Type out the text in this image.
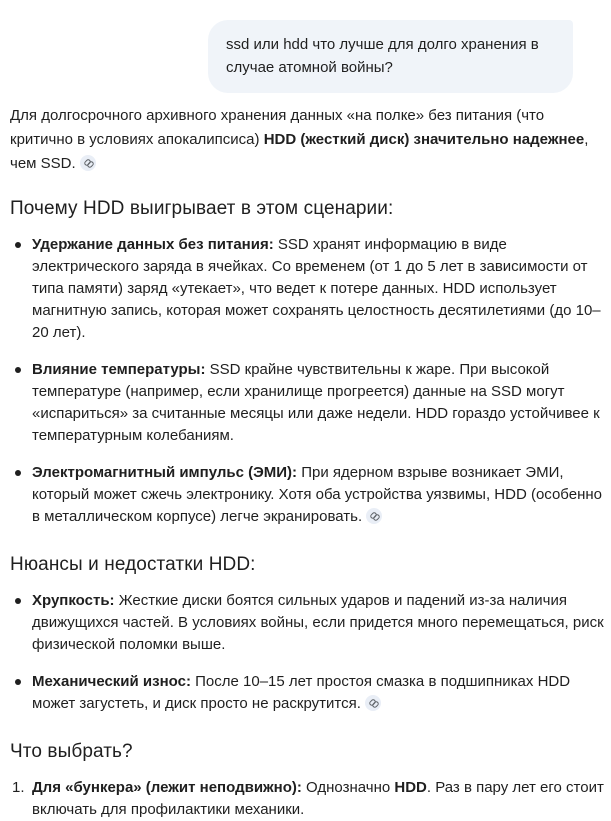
ssd или hdd что лучше для долго хранения в случае атомной войны?

Для долгосрочного архивного хранения данных «на полке» без питания (что критично в условиях апокалипсиса) HDD (жесткий диск) значительно надежнее, чем SSD.

Почему HDD выигрывает в этом сценарии:
Удержание данных без питания: SSD хранят информацию в виде электрического заряда в ячейках. Со временем (от 1 до 5 лет в зависимости от типа памяти) заряд «утекает», что ведет к потере данных. HDD использует магнитную запись, которая может сохранять целостность десятилетиями (до 10–20 лет).
Влияние температуры: SSD крайне чувствительны к жаре. При высокой температуре (например, если хранилище прогреется) данные на SSD могут «испариться» за считанные месяцы или даже недели. HDD гораздо устойчивее к температурным колебаниям.
Электромагнитный импульс (ЭМИ): При ядерном взрыве возникает ЭМИ, который может сжечь электронику. Хотя оба устройства уязвимы, HDD (особенно в металлическом корпусе) легче экранировать.
Нюансы и недостатки HDD:
Хрупкость: Жесткие диски боятся сильных ударов и падений из-за наличия движущихся частей. В условиях войны, если придется много перемещаться, риск физической поломки выше.
Механический износ: После 10–15 лет простоя смазка в подшипниках HDD может загустеть, и диск просто не раскрутится.
Что выбрать?
1. Для «бункера» (лежит неподвижно): Однозначно HDD. Раз в пару лет его стоит включать для профилактики механики.
